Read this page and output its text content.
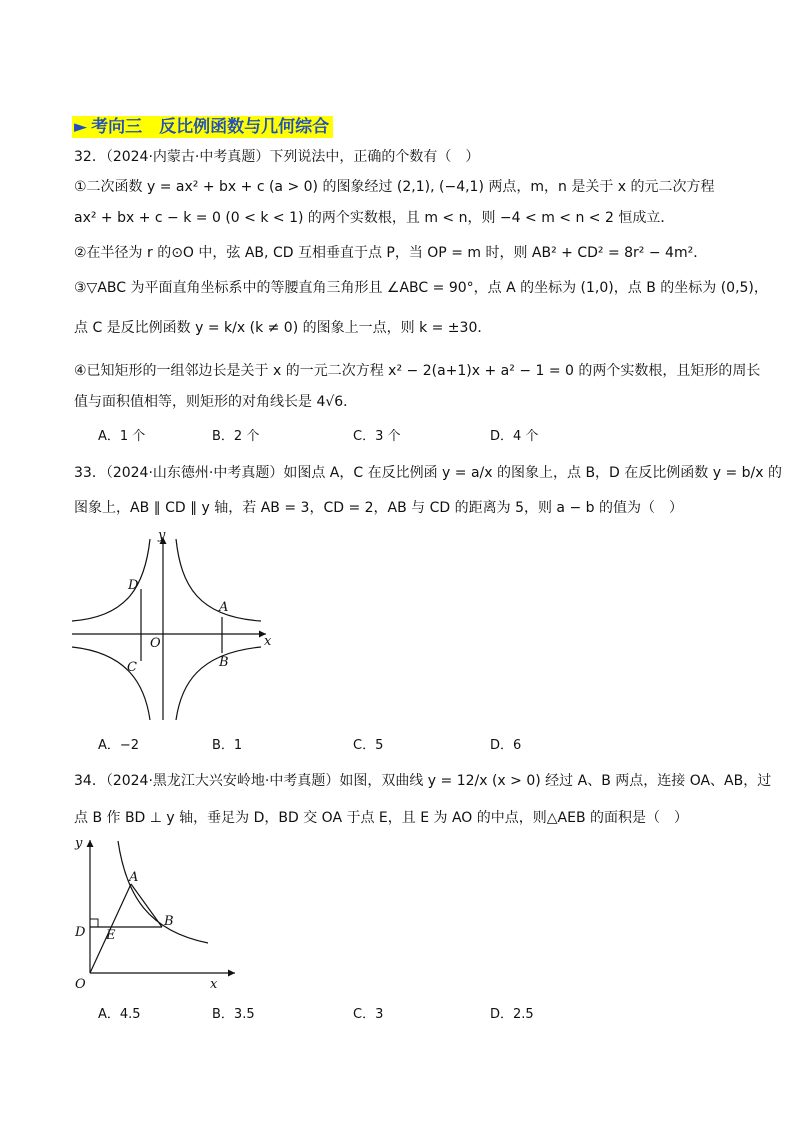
► 考向三　反比例函数与几何综合
32．（2024·内蒙古·中考真题）下列说法中，正确的个数有（　）
①二次函数 y = ax² + bx + c (a > 0) 的图象经过 (2,1), (−4,1) 两点，m，n 是关于 x 的元二次方程
ax² + bx + c − k = 0 (0 < k < 1) 的两个实数根，且 m < n，则 −4 < m < n < 2 恒成立．
②在半径为 r 的⊙O 中，弦 AB, CD 互相垂直于点 P，当 OP = m 时，则 AB² + CD² = 8r² − 4m²．
③▽ABC 为平面直角坐标系中的等腰直角三角形且 ∠ABC = 90°，点 A 的坐标为 (1,0)，点 B 的坐标为 (0,5)，
点 C 是反比例函数 y = k/x (k ≠ 0) 的图象上一点，则 k = ±30．
④已知矩形的一组邻边长是关于 x 的一元二次方程 x² − 2(a+1)x + a² − 1 = 0 的两个实数根，且矩形的周长
值与面积值相等，则矩形的对角线长是 4√6．
A．1 个	B．2 个	C．3 个	D．4 个
33．（2024·山东德州·中考真题）如图点 A，C 在反比例函 y = a/x 的图象上，点 B，D 在反比例函数 y = b/x 的
图象上，AB ∥ CD ∥ y 轴，若 AB = 3，CD = 2，AB 与 CD 的距离为 5，则 a − b 的值为（　）
y
x
O
A
B
C
D
A．−2	B．1	C．5	D．6
34．（2024·黑龙江大兴安岭地·中考真题）如图，双曲线 y = 12/x (x > 0) 经过 A、B 两点，连接 OA、AB，过
点 B 作 BD ⊥ y 轴，垂足为 D，BD 交 OA 于点 E，且 E 为 AO 的中点，则△AEB 的面积是（　）
y
x
O
A
B
D E
A．4.5	B．3.5	C．3	D．2.5
